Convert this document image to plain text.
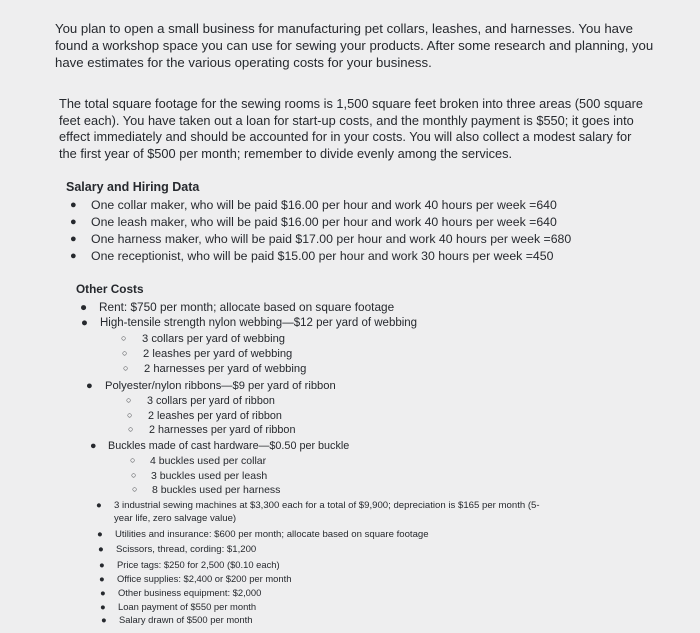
You plan to open a small business for manufacturing pet collars, leashes, and harnesses. You have found a workshop space you can use for sewing your products. After some research and planning, you have estimates for the various operating costs for your business.

The total square footage for the sewing rooms is 1,500 square feet broken into three areas (500 square feet each). You have taken out a loan for start-up costs, and the monthly payment is $550; it goes into effect immediately and should be accounted for in your costs. You will also collect a modest salary for the first year of $500 per month; remember to divide evenly among the services.

Salary and Hiring Data
● One collar maker, who will be paid $16.00 per hour and work 40 hours per week =640
● One leash maker, who will be paid $16.00 per hour and work 40 hours per week =640
● One harness maker, who will be paid $17.00 per hour and work 40 hours per week =680
● One receptionist, who will be paid $15.00 per hour and work 30 hours per week =450
Other Costs
● Rent: $750 per month; allocate based on square footage
● High-tensile strength nylon webbing—$12 per yard of webbing
○ 3 collars per yard of webbing
○ 2 leashes per yard of webbing
○ 2 harnesses per yard of webbing
● Polyester/nylon ribbons—$9 per yard of ribbon
○ 3 collars per yard of ribbon
○ 2 leashes per yard of ribbon
○ 2 harnesses per yard of ribbon
● Buckles made of cast hardware—$0.50 per buckle
○ 4 buckles used per collar
○ 3 buckles used per leash
○ 8 buckles used per harness
● 3 industrial sewing machines at $3,300 each for a total of $9,900; depreciation is $165 per month (5-
year life, zero salvage value)
● Utilities and insurance: $600 per month; allocate based on square footage
● Scissors, thread, cording: $1,200
● Price tags: $250 for 2,500 ($0.10 each)
● Office supplies: $2,400 or $200 per month
● Other business equipment: $2,000
● Loan payment of $550 per month
● Salary drawn of $500 per month
